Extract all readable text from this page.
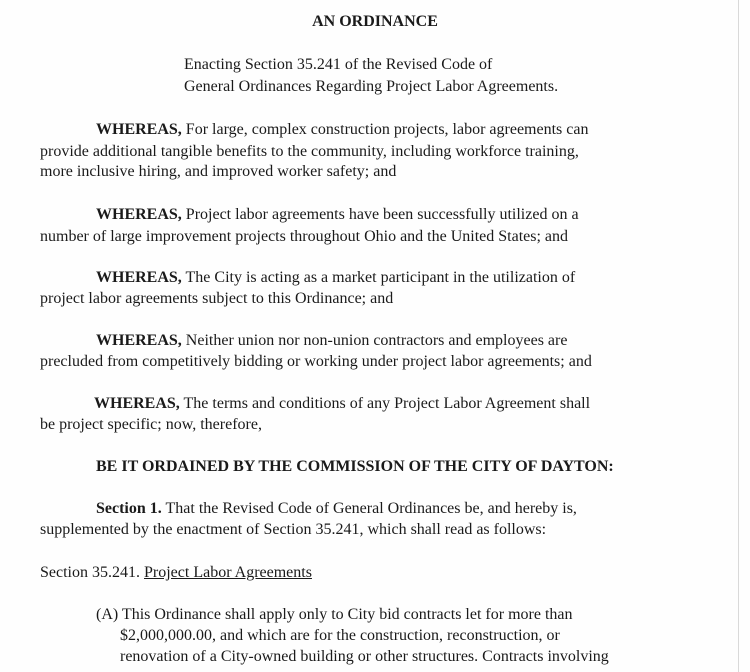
AN ORDINANCE
Enacting Section 35.241 of the Revised Code of
General Ordinances Regarding Project Labor Agreements.
WHEREAS, For large, complex construction projects, labor agreements can
provide additional tangible benefits to the community, including workforce training,
more inclusive hiring, and improved worker safety; and
WHEREAS, Project labor agreements have been successfully utilized on a
number of large improvement projects throughout Ohio and the United States; and
WHEREAS, The City is acting as a market participant in the utilization of
project labor agreements subject to this Ordinance; and
WHEREAS, Neither union nor non-union contractors and employees are
precluded from competitively bidding or working under project labor agreements; and
WHEREAS, The terms and conditions of any Project Labor Agreement shall
be project specific; now, therefore,
BE IT ORDAINED BY THE COMMISSION OF THE CITY OF DAYTON:
Section 1. That the Revised Code of General Ordinances be, and hereby is,
supplemented by the enactment of Section 35.241, which shall read as follows:
Section 35.241. Project Labor Agreements
(A) This Ordinance shall apply only to City bid contracts let for more than
$2,000,000.00, and which are for the construction, reconstruction, or
renovation of a City-owned building or other structures. Contracts involving
